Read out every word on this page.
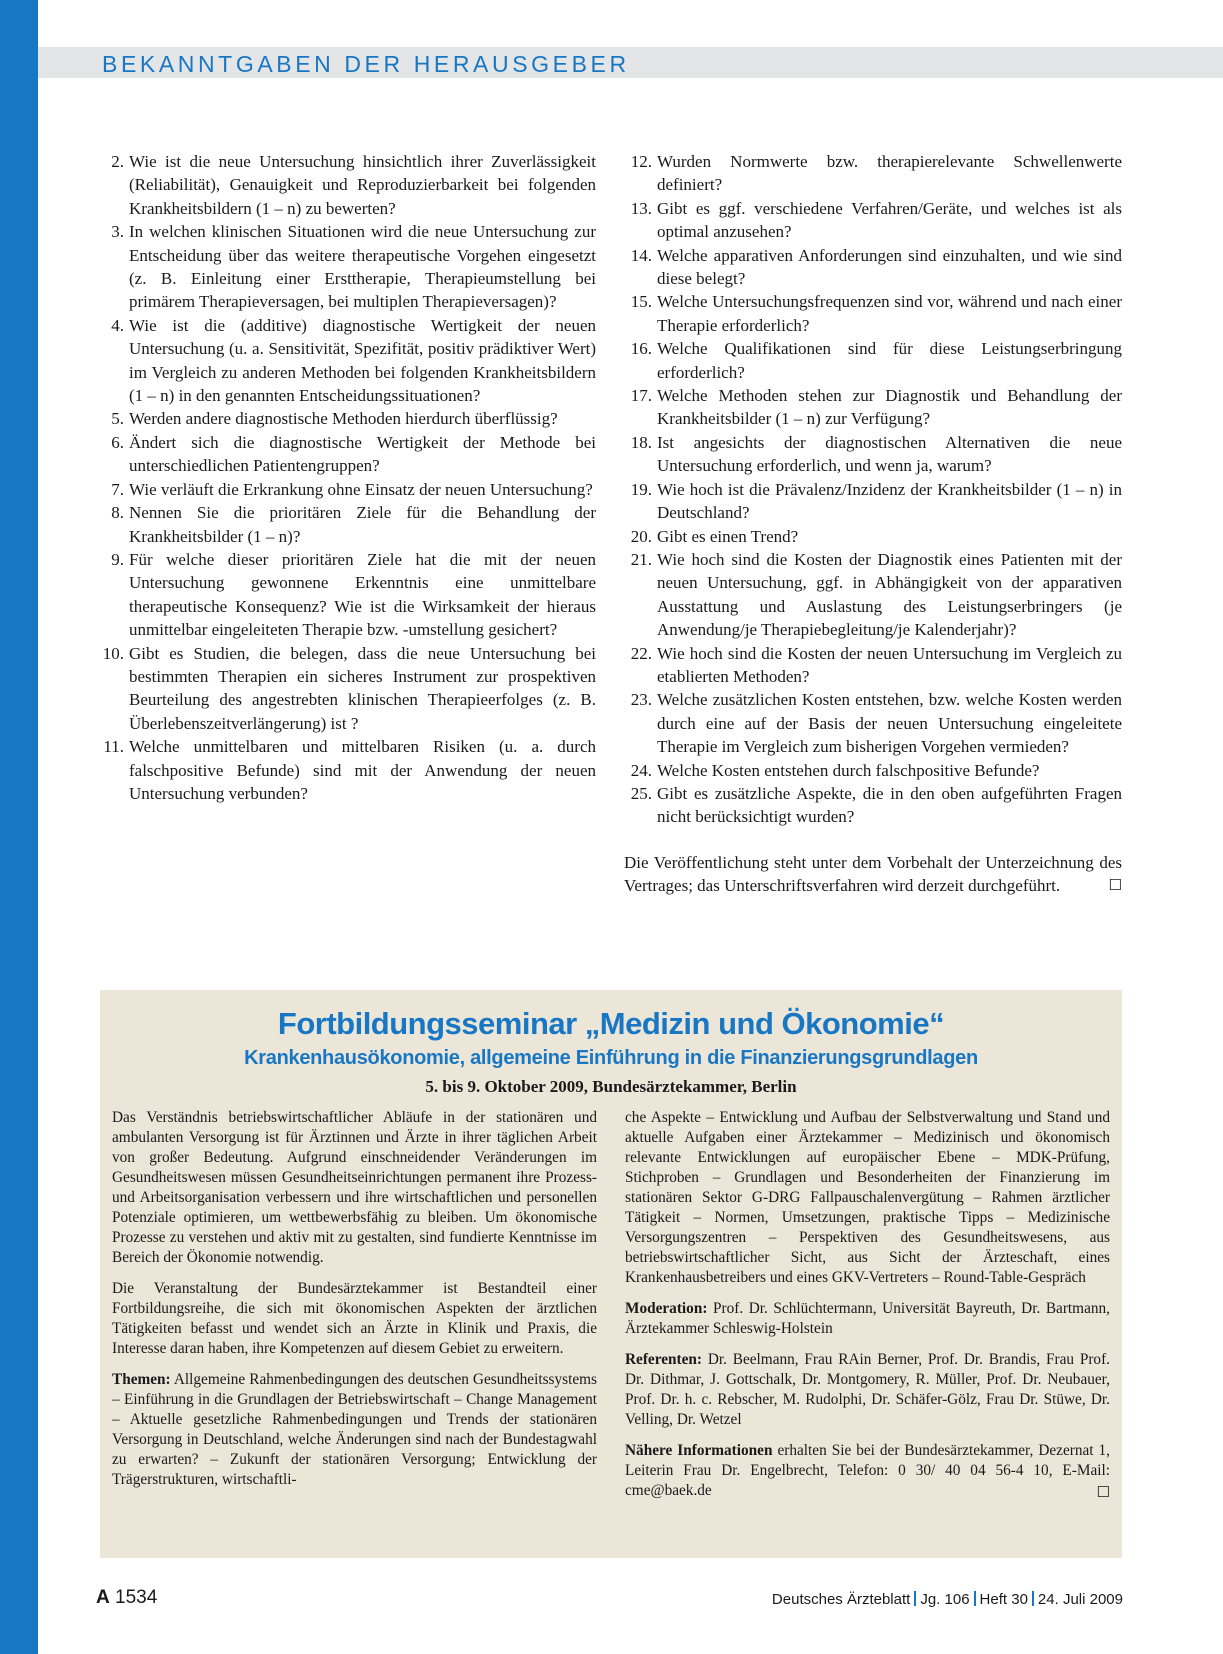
BEKANNTGABEN DER HERAUSGEBER
2. Wie ist die neue Untersuchung hinsichtlich ihrer Zuverlässigkeit (Reliabilität), Genauigkeit und Reproduzierbarkeit bei folgenden Krankheitsbildern (1 – n) zu bewerten?
3. In welchen klinischen Situationen wird die neue Untersuchung zur Entscheidung über das weitere therapeutische Vorgehen eingesetzt (z. B. Einleitung einer Ersttherapie, Therapieumstellung bei primärem Therapieversagen, bei multiplen Therapieversagen)?
4. Wie ist die (additive) diagnostische Wertigkeit der neuen Untersuchung (u. a. Sensitivität, Spezifität, positiv prädiktiver Wert) im Vergleich zu anderen Methoden bei folgenden Krankheitsbildern (1 – n) in den genannten Entscheidungssituationen?
5. Werden andere diagnostische Methoden hierdurch überflüssig?
6. Ändert sich die diagnostische Wertigkeit der Methode bei unterschiedlichen Patientengruppen?
7. Wie verläuft die Erkrankung ohne Einsatz der neuen Untersuchung?
8. Nennen Sie die prioritären Ziele für die Behandlung der Krankheitsbilder (1 – n)?
9. Für welche dieser prioritären Ziele hat die mit der neuen Untersuchung gewonnene Erkenntnis eine unmittelbare therapeutische Konsequenz? Wie ist die Wirksamkeit der hieraus unmittelbar eingeleiteten Therapie bzw. -umstellung gesichert?
10. Gibt es Studien, die belegen, dass die neue Untersuchung bei bestimmten Therapien ein sicheres Instrument zur prospektiven Beurteilung des angestrebten klinischen Therapieerfolges (z. B. Überlebenszeitverlängerung) ist ?
11. Welche unmittelbaren und mittelbaren Risiken (u. a. durch falschpositive Befunde) sind mit der Anwendung der neuen Untersuchung verbunden?
12. Wurden Normwerte bzw. therapierelevante Schwellenwerte definiert?
13. Gibt es ggf. verschiedene Verfahren/Geräte, und welches ist als optimal anzusehen?
14. Welche apparativen Anforderungen sind einzuhalten, und wie sind diese belegt?
15. Welche Untersuchungsfrequenzen sind vor, während und nach einer Therapie erforderlich?
16. Welche Qualifikationen sind für diese Leistungserbringung erforderlich?
17. Welche Methoden stehen zur Diagnostik und Behandlung der Krankheitsbilder (1 – n) zur Verfügung?
18. Ist angesichts der diagnostischen Alternativen die neue Untersuchung erforderlich, und wenn ja, warum?
19. Wie hoch ist die Prävalenz/Inzidenz der Krankheitsbilder (1 – n) in Deutschland?
20. Gibt es einen Trend?
21. Wie hoch sind die Kosten der Diagnostik eines Patienten mit der neuen Untersuchung, ggf. in Abhängigkeit von der apparativen Ausstattung und Auslastung des Leistungserbringers (je Anwendung/je Therapiebegleitung/je Kalenderjahr)?
22. Wie hoch sind die Kosten der neuen Untersuchung im Vergleich zu etablierten Methoden?
23. Welche zusätzlichen Kosten entstehen, bzw. welche Kosten werden durch eine auf der Basis der neuen Untersuchung eingeleitete Therapie im Vergleich zum bisherigen Vorgehen vermieden?
24. Welche Kosten entstehen durch falschpositive Befunde?
25. Gibt es zusätzliche Aspekte, die in den oben aufgeführten Fragen nicht berücksichtigt wurden?

Die Veröffentlichung steht unter dem Vorbehalt der Unterzeichnung des Vertrages; das Unterschriftsverfahren wird derzeit durchgeführt.	☐

Fortbildungsseminar „Medizin und Ökonomie“
Krankenhausökonomie, allgemeine Einführung in die Finanzierungsgrundlagen
5. bis 9. Oktober 2009, Bundesärztekammer, Berlin

Das Verständnis betriebswirtschaftlicher Abläufe in der stationären und ambulanten Versorgung ist für Ärztinnen und Ärzte in ihrer täglichen Arbeit von großer Bedeutung. Aufgrund einschneidender Veränderungen im Gesundheitswesen müssen Gesundheitseinrichtungen permanent ihre Prozess- und Arbeitsorganisation verbessern und ihre wirtschaftlichen und personellen Potenziale optimieren, um wettbewerbsfähig zu bleiben. Um ökonomische Prozesse zu verstehen und aktiv mit zu gestalten, sind fundierte Kenntnisse im Bereich der Ökonomie notwendig.

Die Veranstaltung der Bundesärztekammer ist Bestandteil einer Fortbildungsreihe, die sich mit ökonomischen Aspekten der ärztlichen Tätigkeiten befasst und wendet sich an Ärzte in Klinik und Praxis, die Interesse daran haben, ihre Kompetenzen auf diesem Gebiet zu erweitern.

Themen: Allgemeine Rahmenbedingungen des deutschen Gesundheitssystems – Einführung in die Grundlagen der Betriebswirtschaft – Change Management – Aktuelle gesetzliche Rahmenbedingungen und Trends der stationären Versorgung in Deutschland, welche Änderungen sind nach der Bundestagwahl zu erwarten? – Zukunft der stationären Versorgung; Entwicklung der Trägerstrukturen, wirtschaftli-

che Aspekte – Entwicklung und Aufbau der Selbstverwaltung und Stand und aktuelle Aufgaben einer Ärztekammer – Medizinisch und ökonomisch relevante Entwicklungen auf europäischer Ebene – MDK-Prüfung, Stichproben – Grundlagen und Besonderheiten der Finanzierung im stationären Sektor G-DRG Fallpauschalenvergütung – Rahmen ärztlicher Tätigkeit – Normen, Umsetzungen, praktische Tipps – Medizinische Versorgungszentren – Perspektiven des Gesundheitswesens, aus betriebswirtschaftlicher Sicht, aus Sicht der Ärzteschaft, eines Krankenhausbetreibers und eines GKV-Vertreters – Round-Table-Gespräch

Moderation: Prof. Dr. Schlüchtermann, Universität Bayreuth, Dr. Bartmann, Ärztekammer Schleswig-Holstein

Referenten: Dr. Beelmann, Frau RAin Berner, Prof. Dr. Brandis, Frau Prof. Dr. Dithmar, J. Gottschalk, Dr. Montgomery, R. Müller, Prof. Dr. Neubauer, Prof. Dr. h. c. Rebscher, M. Rudolphi, Dr. Schäfer-Gölz, Frau Dr. Stüwe, Dr. Velling, Dr. Wetzel

Nähere Informationen erhalten Sie bei der Bundesärztekammer, Dezernat 1, Leiterin Frau Dr. Engelbrecht, Telefon: 0 30/ 40 04 56-4 10, E-Mail: cme@baek.de	☐

A 1534	Deutsches Ärzteblatt Jg. 106 Heft 30 24. Juli 2009
